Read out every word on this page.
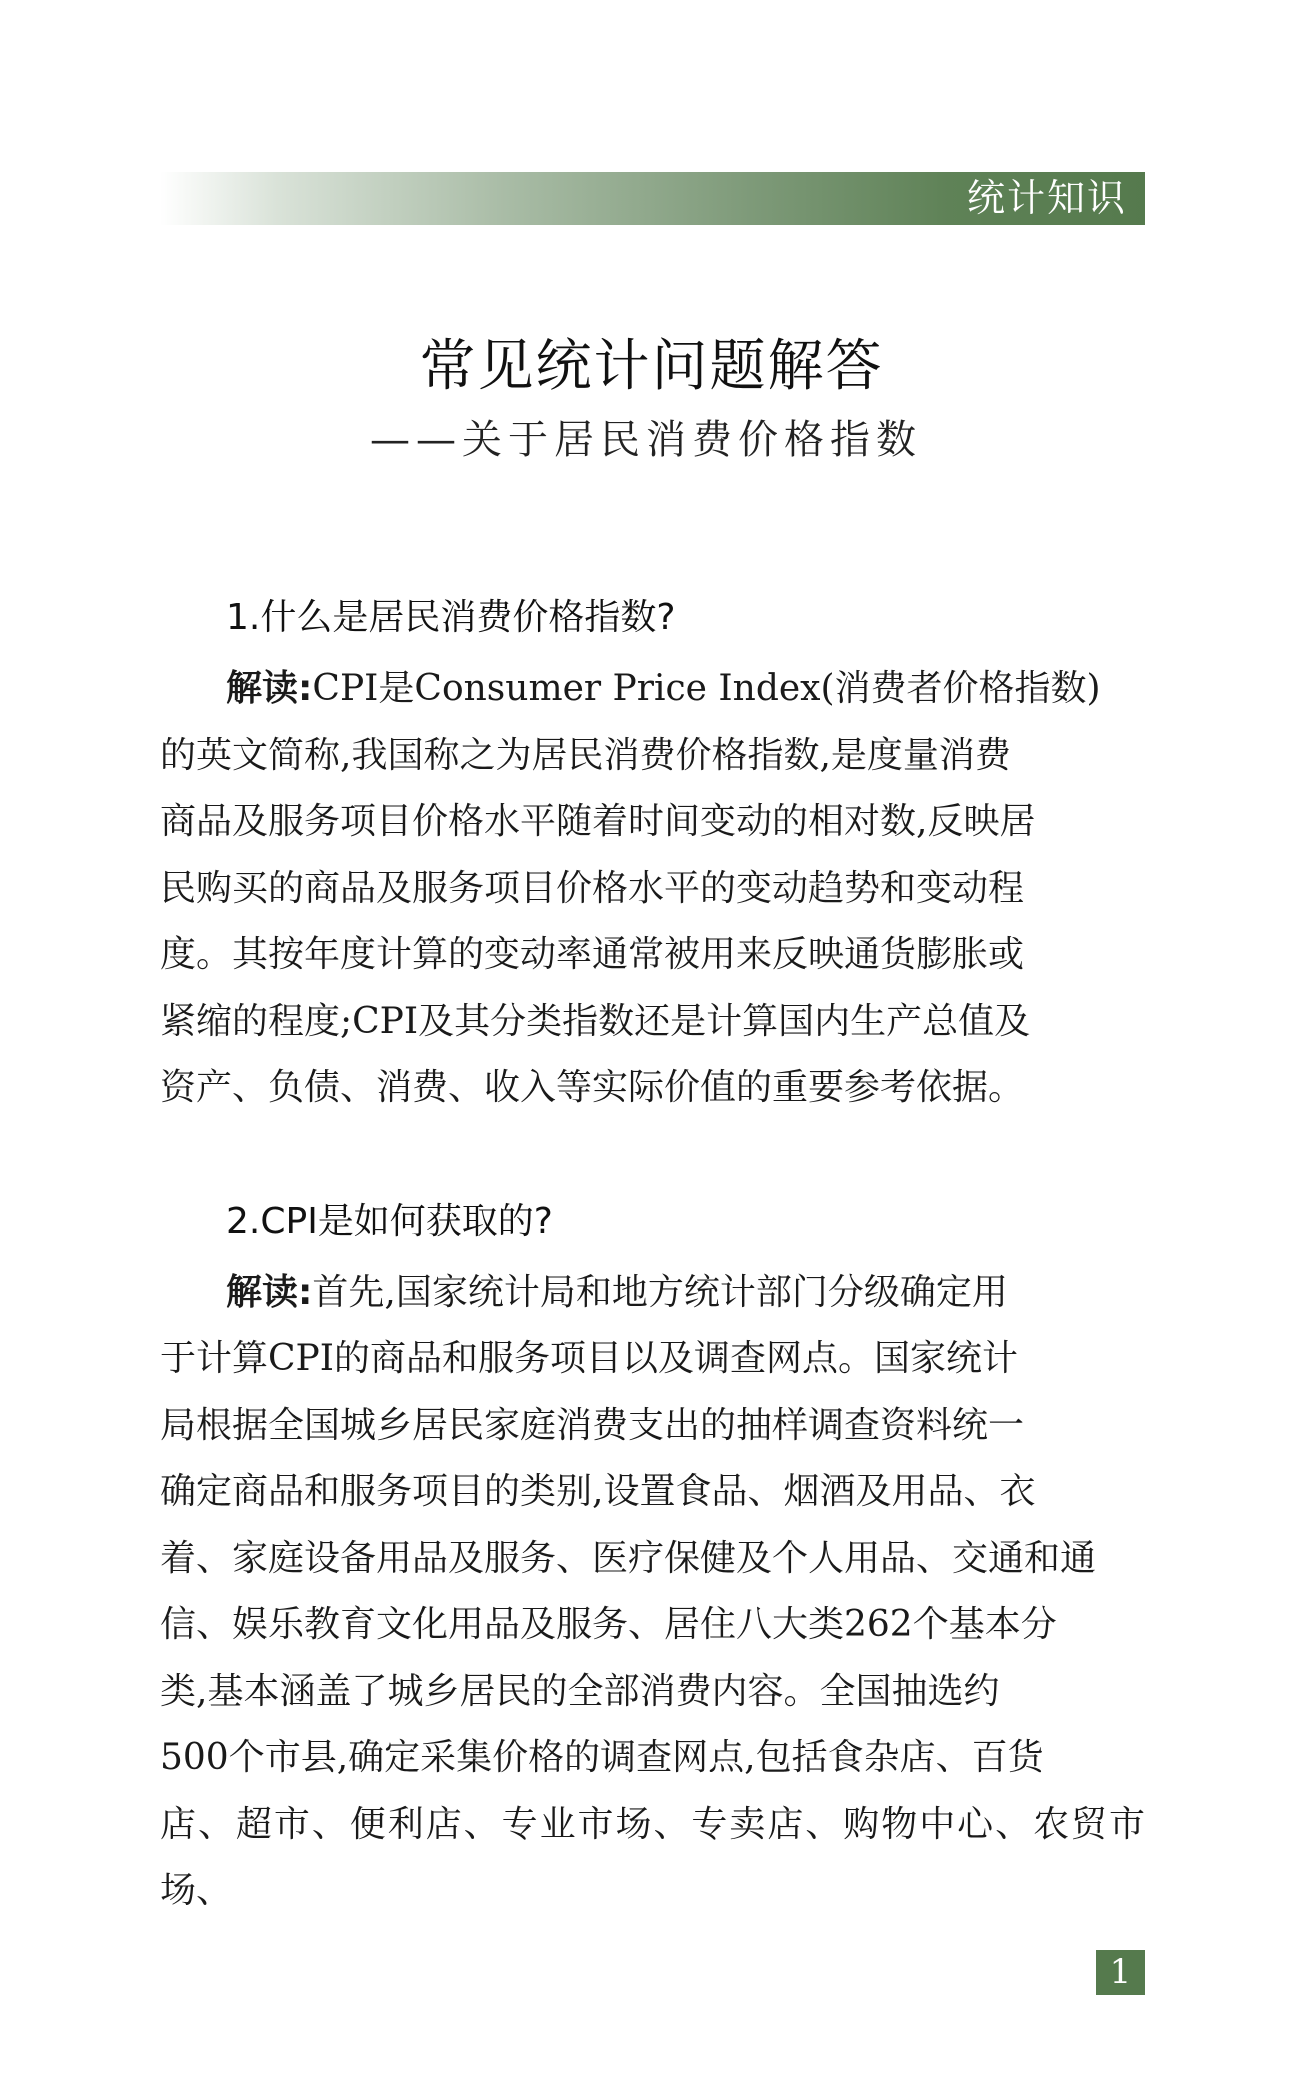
统计知识
常见统计问题解答
——关于居民消费价格指数
1.什么是居民消费价格指数?
解读:CPI是Consumer Price Index(消费者价格指数)
的英文简称,我国称之为居民消费价格指数,是度量消费
商品及服务项目价格水平随着时间变动的相对数,反映居
民购买的商品及服务项目价格水平的变动趋势和变动程
度。其按年度计算的变动率通常被用来反映通货膨胀或
紧缩的程度;CPI及其分类指数还是计算国内生产总值及
资产、负债、消费、收入等实际价值的重要参考依据。
2.CPI是如何获取的?
解读:首先,国家统计局和地方统计部门分级确定用
于计算CPI的商品和服务项目以及调查网点。国家统计
局根据全国城乡居民家庭消费支出的抽样调查资料统一
确定商品和服务项目的类别,设置食品、烟酒及用品、衣
着、家庭设备用品及服务、医疗保健及个人用品、交通和通
信、娱乐教育文化用品及服务、居住八大类262个基本分
类,基本涵盖了城乡居民的全部消费内容。全国抽选约
500个市县,确定采集价格的调查网点,包括食杂店、百货
店、超市、便利店、专业市场、专卖店、购物中心、农贸市场、
1
